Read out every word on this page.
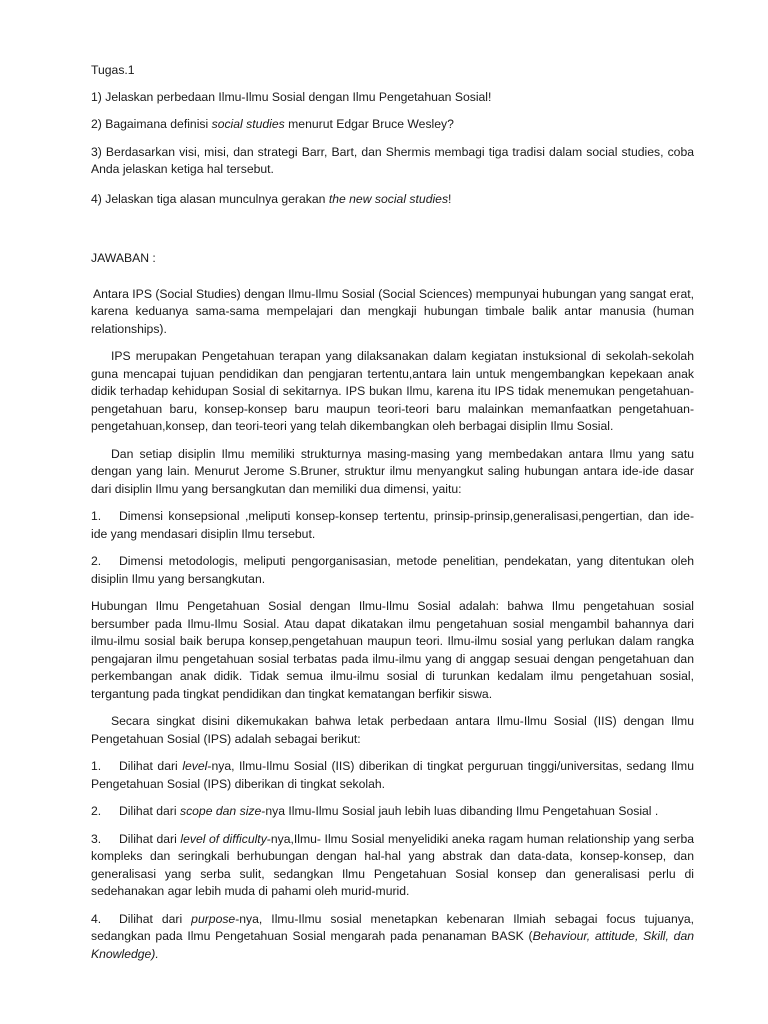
Tugas.1

1) Jelaskan perbedaan Ilmu-Ilmu Sosial dengan Ilmu Pengetahuan Sosial!

2) Bagaimana definisi social studies menurut Edgar Bruce Wesley?

3) Berdasarkan visi, misi, dan strategi Barr, Bart, dan Shermis membagi tiga tradisi dalam social studies, coba Anda jelaskan ketiga hal tersebut.

4) Jelaskan tiga alasan munculnya gerakan the new social studies!

JAWABAN :

Antara IPS (Social Studies) dengan Ilmu-Ilmu Sosial (Social Sciences) mempunyai hubungan yang sangat erat, karena keduanya sama-sama mempelajari dan mengkaji hubungan timbale balik antar manusia (human relationships).

IPS merupakan Pengetahuan terapan yang dilaksanakan dalam kegiatan instuksional di sekolah-sekolah guna mencapai tujuan pendidikan dan pengjaran tertentu,antara lain untuk mengembangkan kepekaan anak didik terhadap kehidupan Sosial di sekitarnya. IPS bukan Ilmu, karena itu IPS tidak menemukan pengetahuan-pengetahuan baru, konsep-konsep baru maupun teori-teori baru malainkan memanfaatkan pengetahuan-pengetahuan,konsep, dan teori-teori yang telah dikembangkan oleh berbagai disiplin Ilmu Sosial.

Dan setiap disiplin Ilmu memiliki strukturnya masing-masing yang membedakan antara Ilmu yang satu dengan yang lain. Menurut Jerome S.Bruner, struktur ilmu menyangkut saling hubungan antara ide-ide dasar dari disiplin Ilmu yang bersangkutan dan memiliki dua dimensi, yaitu:

1. Dimensi konsepsional ,meliputi konsep-konsep tertentu, prinsip-prinsip,generalisasi,pengertian, dan ide-ide yang mendasari disiplin Ilmu tersebut.

2. Dimensi metodologis, meliputi pengorganisasian, metode penelitian, pendekatan, yang ditentukan oleh disiplin Ilmu yang bersangkutan.

Hubungan Ilmu Pengetahuan Sosial dengan Ilmu-Ilmu Sosial adalah: bahwa Ilmu pengetahuan sosial bersumber pada Ilmu-Ilmu Sosial. Atau dapat dikatakan ilmu pengetahuan sosial mengambil bahannya dari ilmu-ilmu sosial baik berupa konsep,pengetahuan maupun teori. Ilmu-ilmu sosial yang perlukan dalam rangka pengajaran ilmu pengetahuan sosial terbatas pada ilmu-ilmu yang di anggap sesuai dengan pengetahuan dan perkembangan anak didik. Tidak semua ilmu-ilmu sosial di turunkan kedalam ilmu pengetahuan sosial, tergantung pada tingkat pendidikan dan tingkat kematangan berfikir siswa.

Secara singkat disini dikemukakan bahwa letak perbedaan antara Ilmu-Ilmu Sosial (IIS) dengan Ilmu Pengetahuan Sosial (IPS) adalah sebagai berikut:

1. Dilihat dari level-nya, Ilmu-Ilmu Sosial (IIS) diberikan di tingkat perguruan tinggi/universitas, sedang Ilmu Pengetahuan Sosial (IPS) diberikan di tingkat sekolah.

2. Dilihat dari scope dan size-nya Ilmu-Ilmu Sosial jauh lebih luas dibanding Ilmu Pengetahuan Sosial .

3. Dilihat dari level of difficulty-nya,Ilmu- Ilmu Sosial menyelidiki aneka ragam human relationship yang serba kompleks dan seringkali berhubungan dengan hal-hal yang abstrak dan data-data, konsep-konsep, dan generalisasi yang serba sulit, sedangkan Ilmu Pengetahuan Sosial konsep dan generalisasi perlu di sedehanakan agar lebih muda di pahami oleh murid-murid.

4. Dilihat dari purpose-nya, Ilmu-Ilmu sosial menetapkan kebenaran Ilmiah sebagai focus tujuanya, sedangkan pada Ilmu Pengetahuan Sosial mengarah pada penanaman BASK (Behaviour, attitude, Skill, dan Knowledge).
